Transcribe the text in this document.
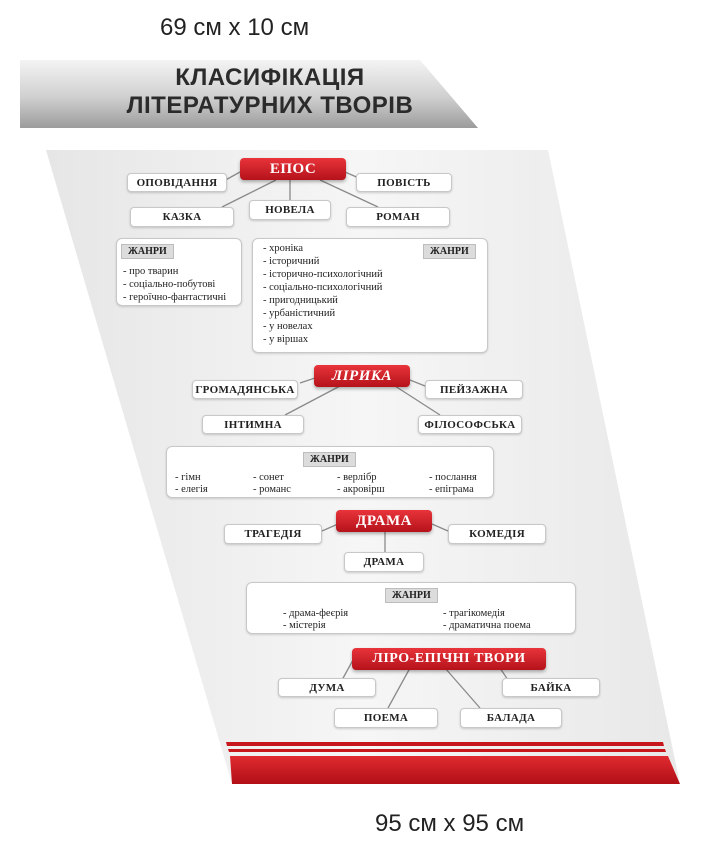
69 см х 10 см
КЛАСИФІКАЦІЯ
ЛІТЕРАТУРНИХ ТВОРІВ
ЕПОС
ОПОВІДАННЯ	ПОВІСТЬ
КАЗКА
НОВЕЛА
РОМАН
ЖАНРИ
- про тварин
- соціально-побутові
- героїчно-фантастичні
ЖАНРИ
- хроніка
- історичний
- історично-психологічний
- соціально-психологічний
- пригодницький
- урбаністичний
- у новелах
- у віршах
ЛІРИКА
ГРОМАДЯНСЬКА	ПЕЙЗАЖНА
ІНТИМНА	ФІЛОСОФСЬКА
ЖАНРИ
- гімн	- сонет	- верлібр	- послання
- елегія	- романс	- акровірш	- епіграма
ДРАМА
ТРАГЕДІЯ	КОМЕДІЯ
ДРАМА
ЖАНРИ
- драма-феєрія	- трагікомедія
- містерія	- драматична поема
ЛІРО-ЕПІЧНІ ТВОРИ
ДУМА	БАЙКА
ПОЕМА	БАЛАДА
95 см х 95 см
